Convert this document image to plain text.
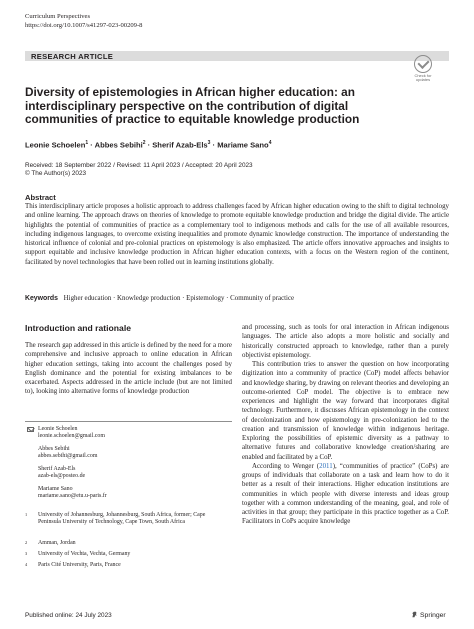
Curriculum Perspectives
https://doi.org/10.1007/s41297-023-00209-8
RESEARCH ARTICLE
Check for updates
Diversity of epistemologies in African higher education: an interdisciplinary perspective on the contribution of digital communities of practice to equitable knowledge production
Leonie Schoelen$^1$ · Abbes Sebihi$^2$ · Sherif Azab-Els$^3$ · Mariame Sano$^4$
Received: 18 September 2022 / Revised: 11 April 2023 / Accepted: 20 April 2023
© The Author(s) 2023
Abstract
This interdisciplinary article proposes a holistic approach to address challenges faced by African higher education owing to the shift to digital technology and online learning. The approach draws on theories of knowledge to promote equitable knowledge production and bridge the digital divide. The article highlights the potential of communities of practice as a complementary tool to indigenous methods and calls for the use of all available resources, including indigenous languages, to overcome existing inequalities and promote dynamic knowledge construction. The importance of understanding the historical influence of colonial and pre-colonial practices on epistemology is also emphasized. The article offers innovative approaches and insights to support equitable and inclusive knowledge production in African higher education contexts, with a focus on the Western region of the continent, facilitated by novel technologies that have been rolled out in learning institutions globally.
Keywords Higher education · Knowledge production · Epistemology · Community of practice
Introduction and rationale
The research gap addressed in this article is defined by the need for a more comprehensive and inclusive approach to online education in African higher education settings, taking into account the challenges posed by English dominance and the potential for existing imbalances to be exacerbated. Aspects addressed in the article include (but are not limited to), looking into alternative forms of knowledge production

and processing, such as tools for oral interaction in African indigenous languages. The article also adopts a more holistic and socially and historically constructed approach to knowledge, rather than a purely objectivist epistemology.

This contribution tries to answer the question on how incorporating digitization into a community of practice (CoP) model affects behavior and knowledge sharing, by drawing on relevant theories and developing an outcome-oriented CoP model. The objective is to embrace new experiences and highlight the way forward that incorporates digital technology. Furthermore, it discusses African epistemology in the context of decolonization and how epistemology in pre-colonization led to the creation and transmission of knowledge within indigenous heritage. Exploring the possibilities of epistemic diversity as a pathway to alternative futures and collaborative knowledge creation/sharing are enabled and facilitated by a CoP.

According to Wenger (2011), “communities of practice” (CoPs) are groups of individuals that collaborate on a task and learn how to do it better as a result of their interactions. Higher education institutions are communities in which people with diverse interests and ideas group together with a common understanding of the meaning, goal, and role of activities in that group; they participate in this practice together as a CoP. Facilitators in CoPs acquire knowledge

Leonie Schoelen
leonie.schoelen@gmail.com
Abbes Sebihi
abbes.sebihi@gmail.com
Sherif Azab-Els
azab-els@posteo.de
Mariame Sano
mariame.sano@etu.u-paris.fr
1 University of Johannesburg, Johannesburg, South Africa, former; Cape Peninsula University of Technology, Cape Town, South Africa
2 Amman, Jordan
3 University of Vechta, Vechta, Germany
4 Paris Cité University, Paris, France
Published online: 24 July 2023	Springer
